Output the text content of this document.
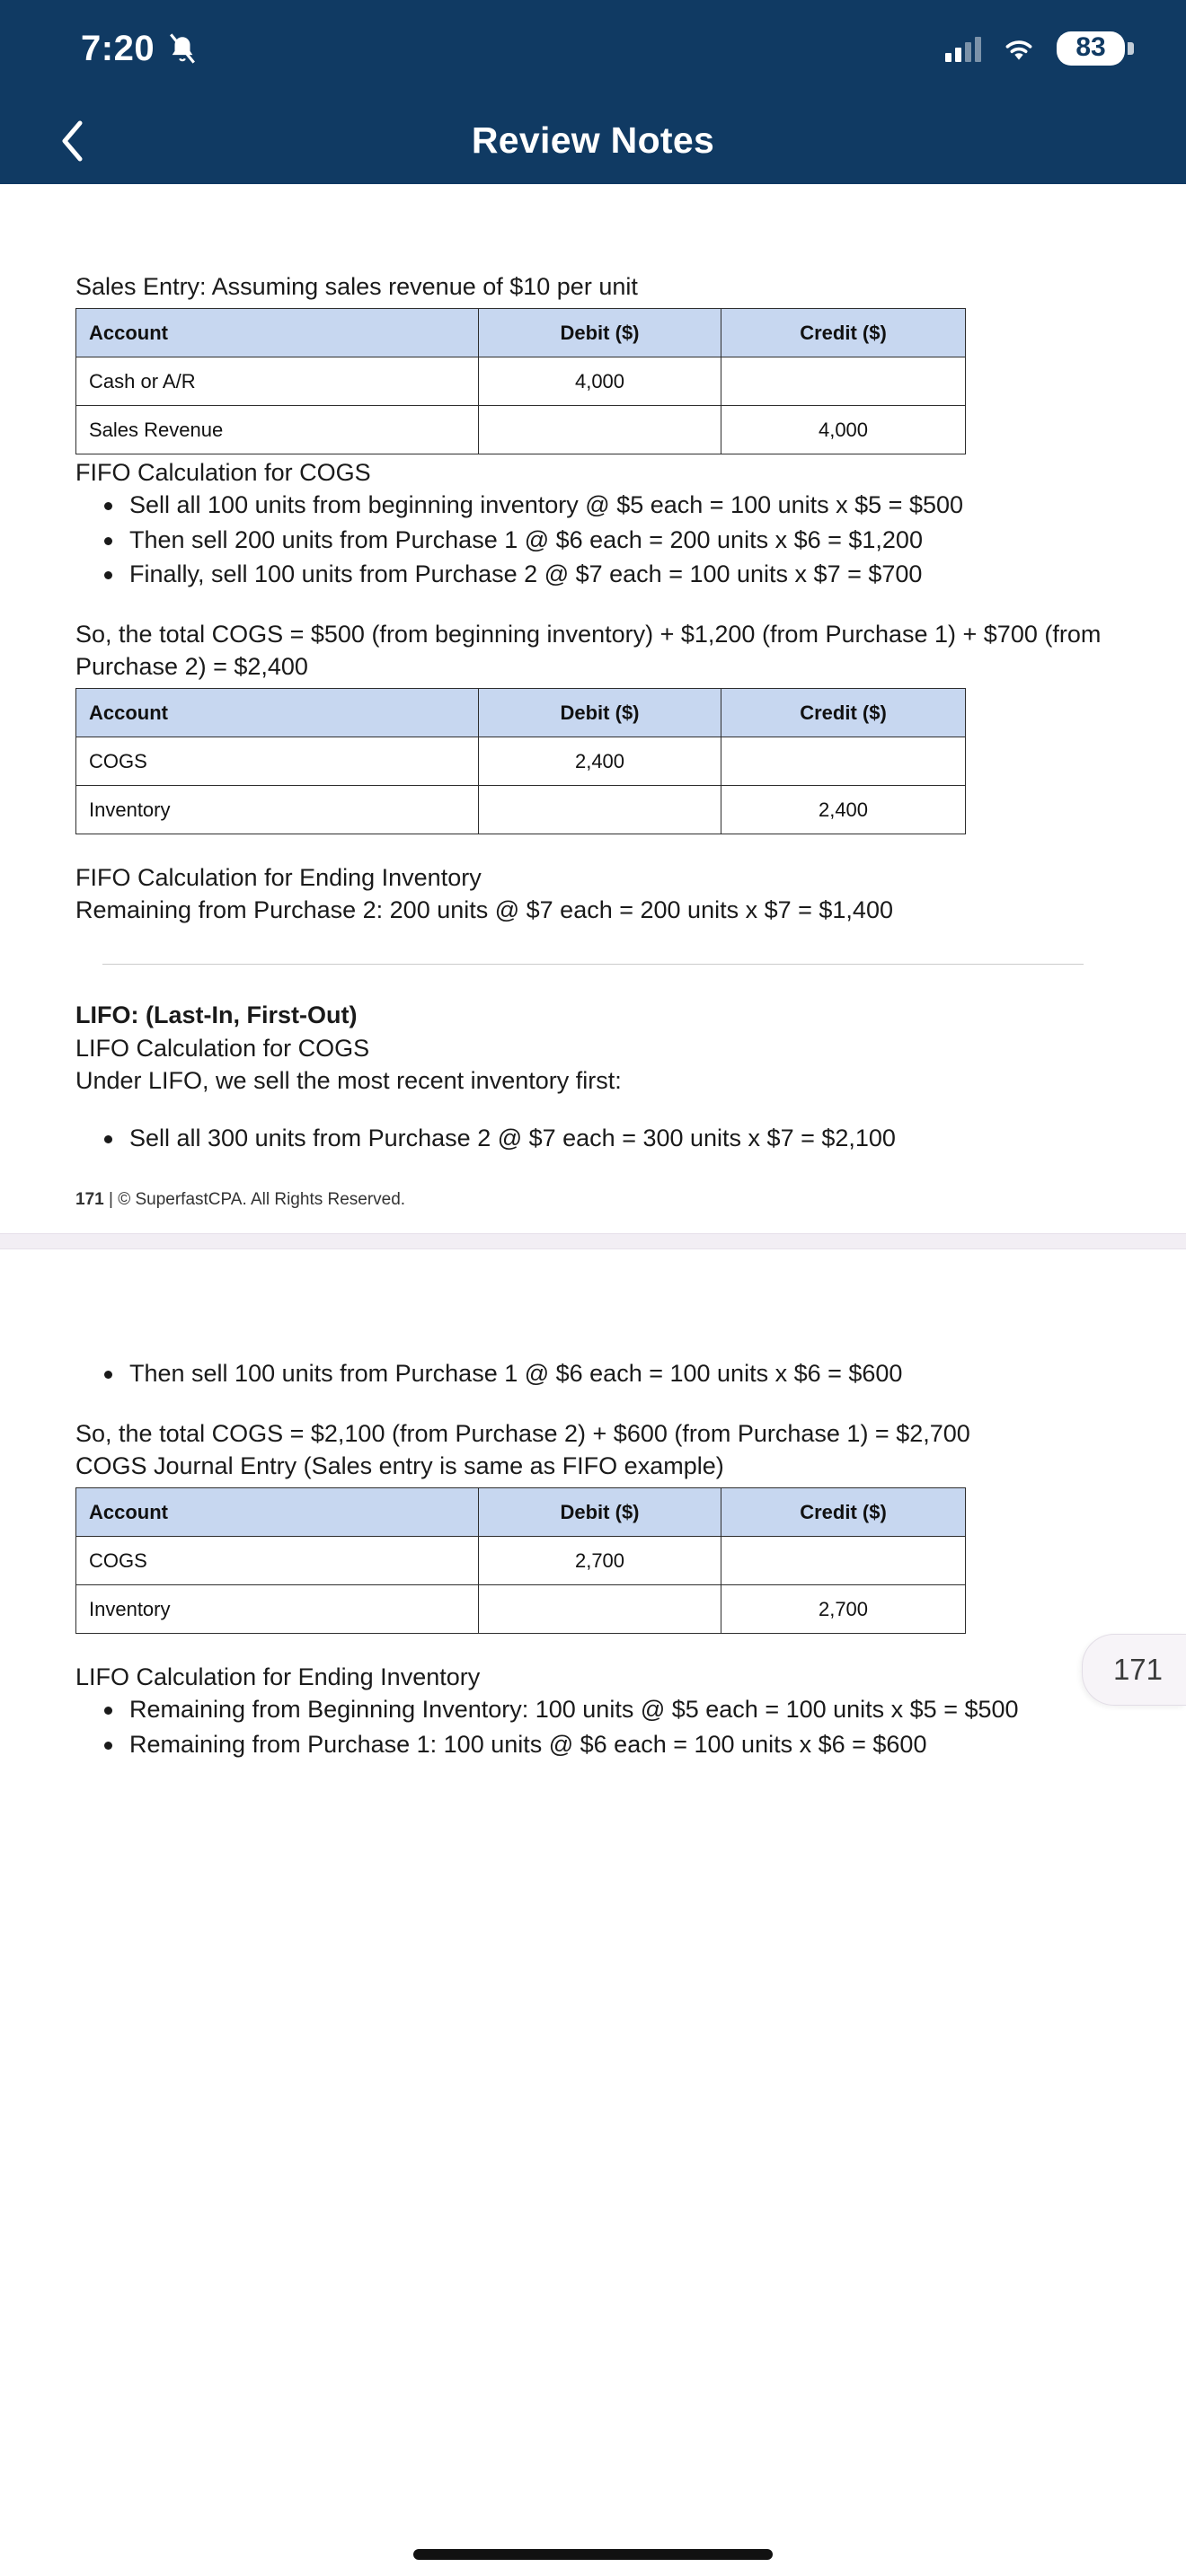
7:20	83
Review Notes
Sales Entry: Assuming sales revenue of $10 per unit
Account	Debit ($)	Credit ($)
Cash or A/R	4,000	
Sales Revenue		4,000
FIFO Calculation for COGS
Sell all 100 units from beginning inventory @ $5 each = 100 units x $5 = $500
Then sell 200 units from Purchase 1 @ $6 each = 200 units x $6 = $1,200
Finally, sell 100 units from Purchase 2 @ $7 each = 100 units x $7 = $700
So, the total COGS = $500 (from beginning inventory) + $1,200 (from Purchase 1) + $700 (from Purchase 2) = $2,400
Account	Debit ($)	Credit ($)
COGS	2,400	
Inventory		2,400
FIFO Calculation for Ending Inventory
Remaining from Purchase 2: 200 units @ $7 each = 200 units x $7 = $1,400
LIFO: (Last-In, First-Out)
LIFO Calculation for COGS
Under LIFO, we sell the most recent inventory first:
Sell all 300 units from Purchase 2 @ $7 each = 300 units x $7 = $2,100
171 | © SuperfastCPA. All Rights Reserved.
Then sell 100 units from Purchase 1 @ $6 each = 100 units x $6 = $600
So, the total COGS = $2,100 (from Purchase 2) + $600 (from Purchase 1) = $2,700
COGS Journal Entry (Sales entry is same as FIFO example)
Account	Debit ($)	Credit ($)
COGS	2,700	
Inventory		2,700
LIFO Calculation for Ending Inventory
Remaining from Beginning Inventory: 100 units @ $5 each = 100 units x $5 = $500
Remaining from Purchase 1: 100 units @ $6 each = 100 units x $6 = $600
171
